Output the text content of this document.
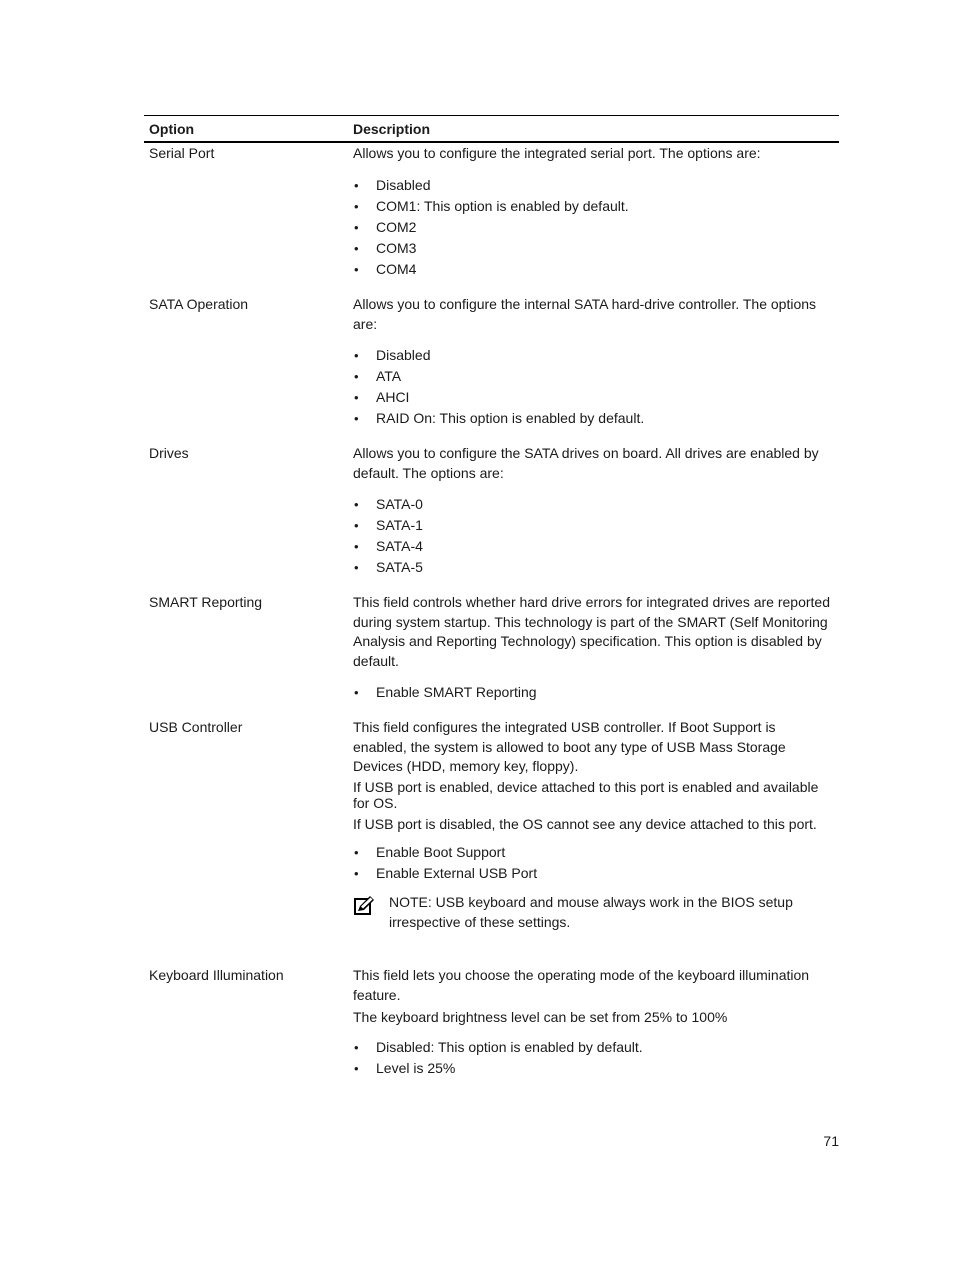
Option	Description
Serial Port	Allows you to configure the integrated serial port. The options are:

• Disabled
• COM1: This option is enabled by default.
• COM2
• COM3
• COM4
SATA Operation	Allows you to configure the internal SATA hard-drive controller. The options are:

• Disabled
• ATA
• AHCI
• RAID On: This option is enabled by default.
Drives	Allows you to configure the SATA drives on board. All drives are enabled by default. The options are:

• SATA-0
• SATA-1
• SATA-4
• SATA-5
SMART Reporting	This field controls whether hard drive errors for integrated drives are reported during system startup. This technology is part of the SMART (Self Monitoring Analysis and Reporting Technology) specification. This option is disabled by default.

• Enable SMART Reporting
USB Controller	This field configures the integrated USB controller. If Boot Support is enabled, the system is allowed to boot any type of USB Mass Storage Devices (HDD, memory key, floppy).

If USB port is enabled, device attached to this port is enabled and available for OS.

If USB port is disabled, the OS cannot see any device attached to this port.

• Enable Boot Support
• Enable External USB Port
NOTE: USB keyboard and mouse always work in the BIOS setup irrespective of these settings.
Keyboard Illumination	This field lets you choose the operating mode of the keyboard illumination feature.

The keyboard brightness level can be set from 25% to 100%

• Disabled: This option is enabled by default.
• Level is 25%
71
